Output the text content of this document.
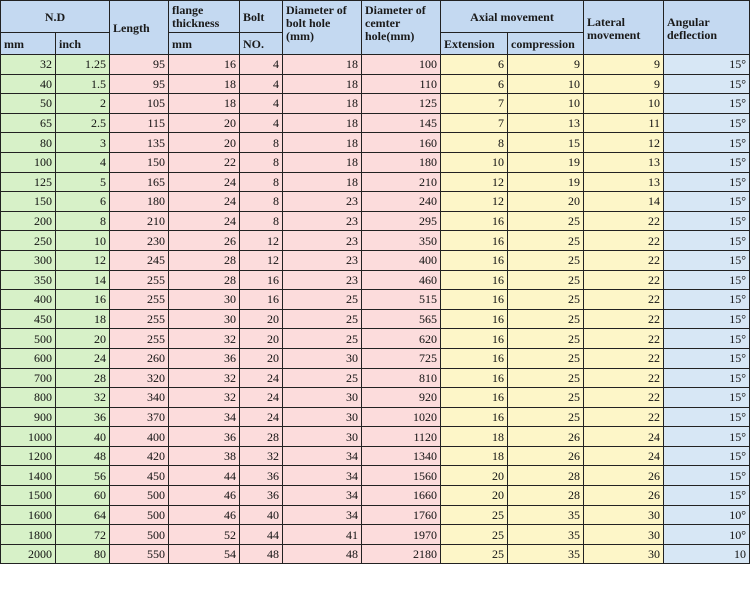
N.D		Length	flange thickness	Bolt	Diameter of bolt hole (mm)	Diameter of cemter hole(mm)	Axial movement		Lateral movement	Angular deflection
mm	inch		mm	NO.			Extension	compression		
32	1.25	95	16	4	18	100	6	9	9	15°
40	1.5	95	18	4	18	110	6	10	9	15°
50	2	105	18	4	18	125	7	10	10	15°
65	2.5	115	20	4	18	145	7	13	11	15°
80	3	135	20	8	18	160	8	15	12	15°
100	4	150	22	8	18	180	10	19	13	15°
125	5	165	24	8	18	210	12	19	13	15°
150	6	180	24	8	23	240	12	20	14	15°
200	8	210	24	8	23	295	16	25	22	15°
250	10	230	26	12	23	350	16	25	22	15°
300	12	245	28	12	23	400	16	25	22	15°
350	14	255	28	16	23	460	16	25	22	15°
400	16	255	30	16	25	515	16	25	22	15°
450	18	255	30	20	25	565	16	25	22	15°
500	20	255	32	20	25	620	16	25	22	15°
600	24	260	36	20	30	725	16	25	22	15°
700	28	320	32	24	25	810	16	25	22	15°
800	32	340	32	24	30	920	16	25	22	15°
900	36	370	34	24	30	1020	16	25	22	15°
1000	40	400	36	28	30	1120	18	26	24	15°
1200	48	420	38	32	34	1340	18	26	24	15°
1400	56	450	44	36	34	1560	20	28	26	15°
1500	60	500	46	36	34	1660	20	28	26	15°
1600	64	500	46	40	34	1760	25	35	30	10°
1800	72	500	52	44	41	1970	25	35	30	10°
2000	80	550	54	48	48	2180	25	35	30	10
